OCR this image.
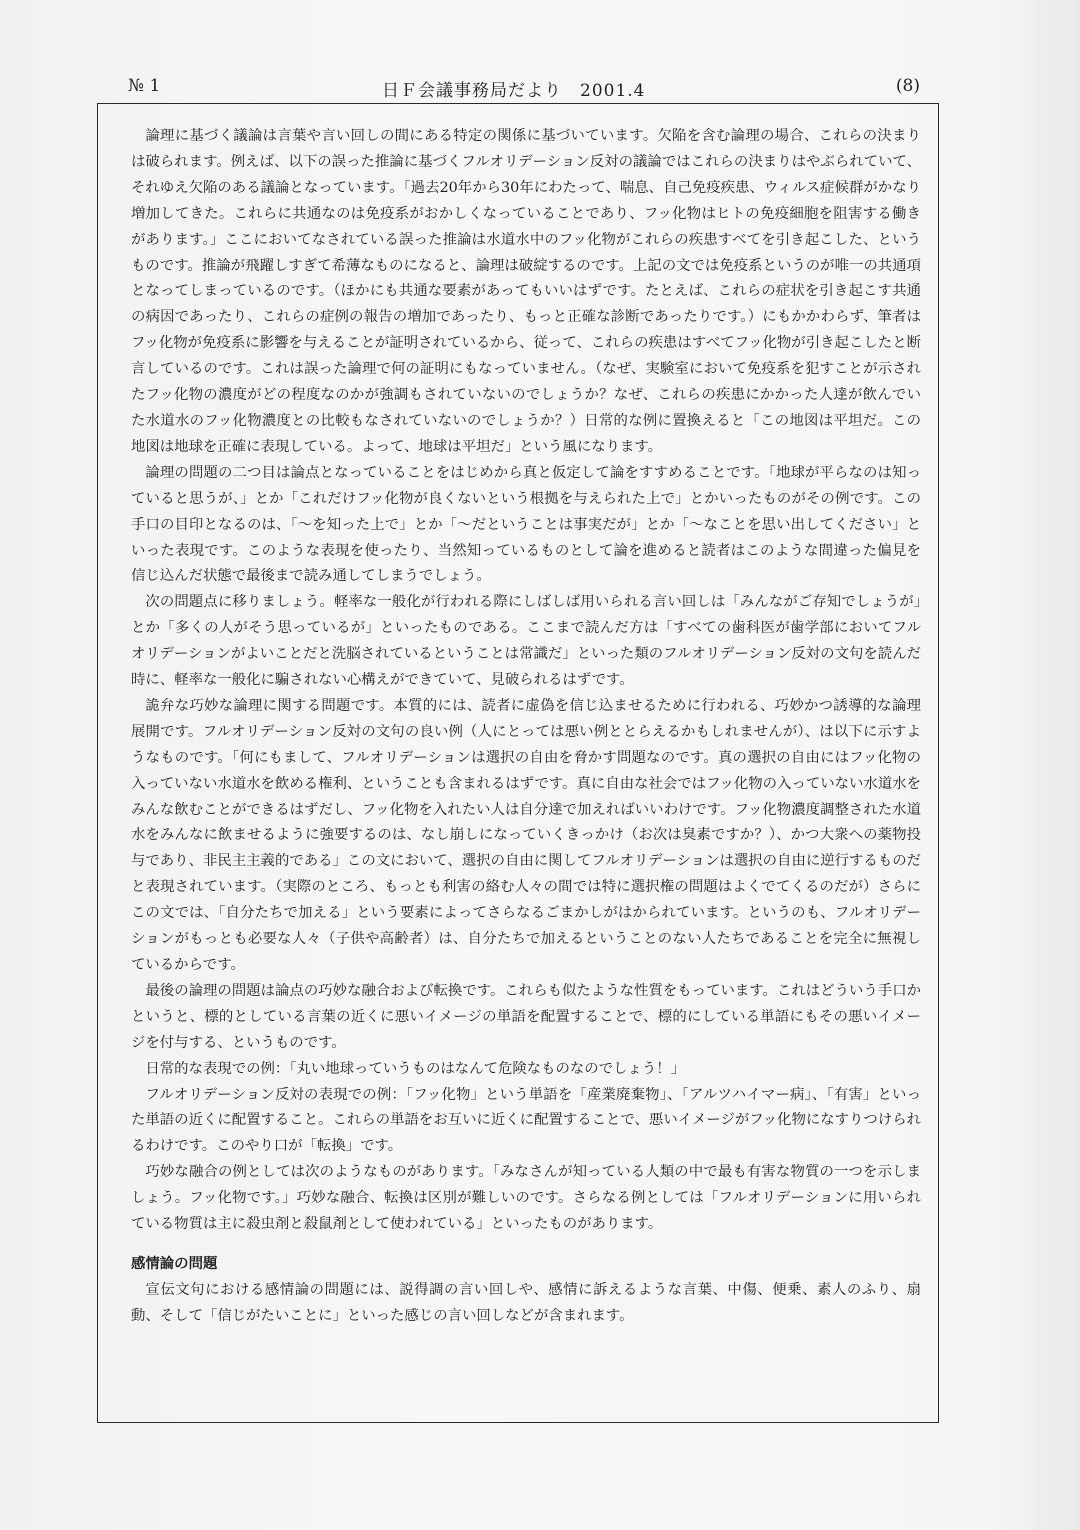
№ 1	日Ｆ会議事務局だより　2001.4	(8)

論理に基づく議論は言葉や言い回しの間にある特定の関係に基づいています。欠陥を含む論理の場合、これらの決まりは破られます。例えば、以下の誤った推論に基づくフルオリデーション反対の議論ではこれらの決まりはやぶられていて、それゆえ欠陥のある議論となっています。「過去20年から30年にわたって、喘息、自己免疫疾患、ウィルス症候群がかなり増加してきた。これらに共通なのは免疫系がおかしくなっていることであり、フッ化物はヒトの免疫細胞を阻害する働きがあります。」ここにおいてなされている誤った推論は水道水中のフッ化物がこれらの疾患すべてを引き起こした、というものです。推論が飛躍しすぎて希薄なものになると、論理は破綻するのです。上記の文では免疫系というのが唯一の共通項となってしまっているのです。（ほかにも共通な要素があってもいいはずです。たとえば、これらの症状を引き起こす共通の病因であったり、これらの症例の報告の増加であったり、もっと正確な診断であったりです。）にもかかわらず、筆者はフッ化物が免疫系に影響を与えることが証明されているから、従って、これらの疾患はすべてフッ化物が引き起こしたと断言しているのです。これは誤った論理で何の証明にもなっていません。（なぜ、実験室において免疫系を犯すことが示されたフッ化物の濃度がどの程度なのかが強調もされていないのでしょうか？なぜ、これらの疾患にかかった人達が飲んでいた水道水のフッ化物濃度との比較もなされていないのでしょうか？）日常的な例に置換えると「この地図は平坦だ。この地図は地球を正確に表現している。よって、地球は平坦だ」という風になります。

論理の問題の二つ目は論点となっていることをはじめから真と仮定して論をすすめることです。「地球が平らなのは知っていると思うが、」とか「これだけフッ化物が良くないという根拠を与えられた上で」とかいったものがその例です。この手口の目印となるのは、「〜を知った上で」とか「〜だということは事実だが」とか「〜なことを思い出してください」といった表現です。このような表現を使ったり、当然知っているものとして論を進めると読者はこのような間違った偏見を信じ込んだ状態で最後まで読み通してしまうでしょう。

次の問題点に移りましょう。軽率な一般化が行われる際にしばしば用いられる言い回しは「みんながご存知でしょうが」とか「多くの人がそう思っているが」といったものである。ここまで読んだ方は「すべての歯科医が歯学部においてフルオリデーションがよいことだと洗脳されているということは常識だ」といった類のフルオリデーション反対の文句を読んだ時に、軽率な一般化に騙されない心構えができていて、見破られるはずです。

詭弁な巧妙な論理に関する問題です。本質的には、読者に虚偽を信じ込ませるために行われる、巧妙かつ誘導的な論理展開です。フルオリデーション反対の文句の良い例（人にとっては悪い例ととらえるかもしれませんが）、は以下に示すようなものです。「何にもまして、フルオリデーションは選択の自由を脅かす問題なのです。真の選択の自由にはフッ化物の入っていない水道水を飲める権利、ということも含まれるはずです。真に自由な社会ではフッ化物の入っていない水道水をみんな飲むことができるはずだし、フッ化物を入れたい人は自分達で加えればいいわけです。フッ化物濃度調整された水道水をみんなに飲ませるように強要するのは、なし崩しになっていくきっかけ（お次は臭素ですか？）、かつ大衆への薬物投与であり、非民主主義的である」この文において、選択の自由に関してフルオリデーションは選択の自由に逆行するものだと表現されています。（実際のところ、もっとも利害の絡む人々の間では特に選択権の問題はよくでてくるのだが）さらにこの文では、「自分たちで加える」という要素によってさらなるごまかしがはかられています。というのも、フルオリデーションがもっとも必要な人々（子供や高齢者）は、自分たちで加えるということのない人たちであることを完全に無視しているからです。

最後の論理の問題は論点の巧妙な融合および転換です。これらも似たような性質をもっています。これはどういう手口かというと、標的としている言葉の近くに悪いイメージの単語を配置することで、標的にしている単語にもその悪いイメージを付与する、というものです。

日常的な表現での例：「丸い地球っていうものはなんて危険なものなのでしょう！」

フルオリデーション反対の表現での例：「フッ化物」という単語を「産業廃棄物」、「アルツハイマー病」、「有害」といった単語の近くに配置すること。これらの単語をお互いに近くに配置することで、悪いイメージがフッ化物になすりつけられるわけです。このやり口が「転換」です。

巧妙な融合の例としては次のようなものがあります。「みなさんが知っている人類の中で最も有害な物質の一つを示しましょう。フッ化物です。」巧妙な融合、転換は区別が難しいのです。さらなる例としては「フルオリデーションに用いられている物質は主に殺虫剤と殺鼠剤として使われている」といったものがあります。

感情論の問題

宣伝文句における感情論の問題には、説得調の言い回しや、感情に訴えるような言葉、中傷、便乗、素人のふり、扇動、そして「信じがたいことに」といった感じの言い回しなどが含まれます。
